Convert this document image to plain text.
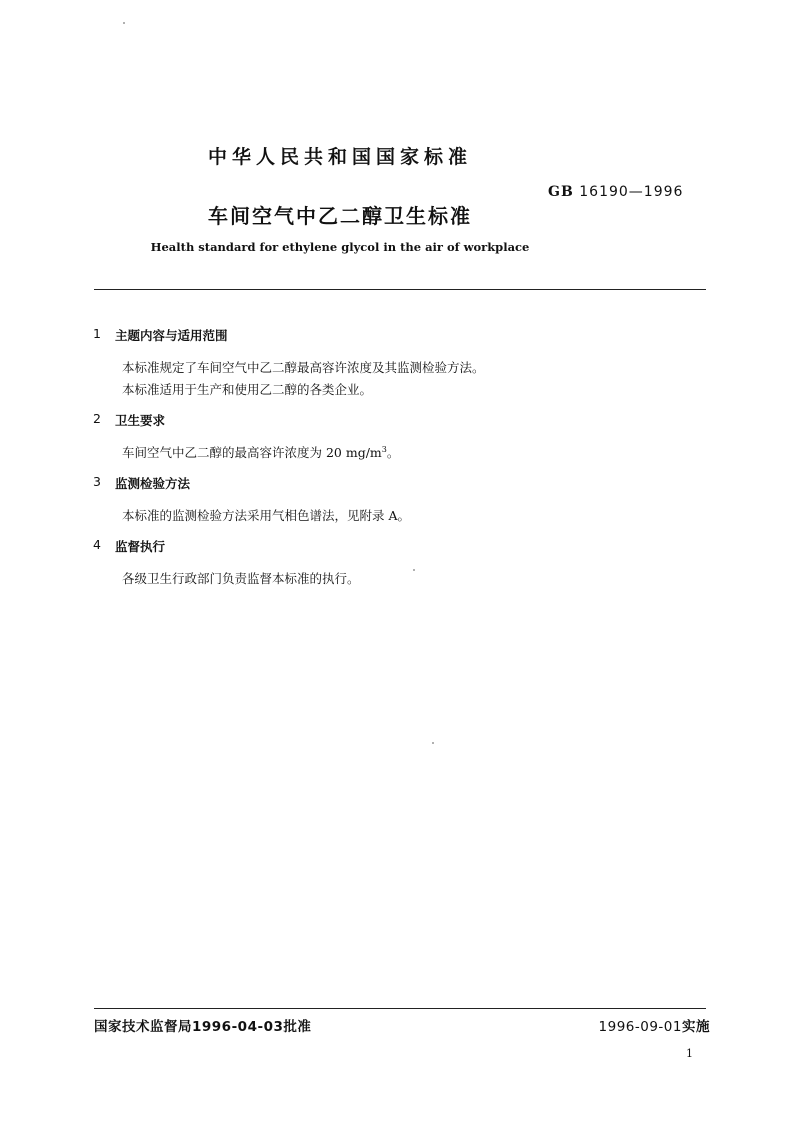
中华人民共和国国家标准
GB 16190—1996
车间空气中乙二醇卫生标准
Health standard for ethylene glycol in the air of workplace
1 主题内容与适用范围
本标准规定了车间空气中乙二醇最高容许浓度及其监测检验方法。
本标准适用于生产和使用乙二醇的各类企业。
2 卫生要求
车间空气中乙二醇的最高容许浓度为 20 $mg/m^3$。
3 监测检验方法
本标准的监测检验方法采用气相色谱法，见附录 A。
4 监督执行
各级卫生行政部门负责监督本标准的执行。
国家技术监督局1996-04-03批准	1996-09-01实施
1
